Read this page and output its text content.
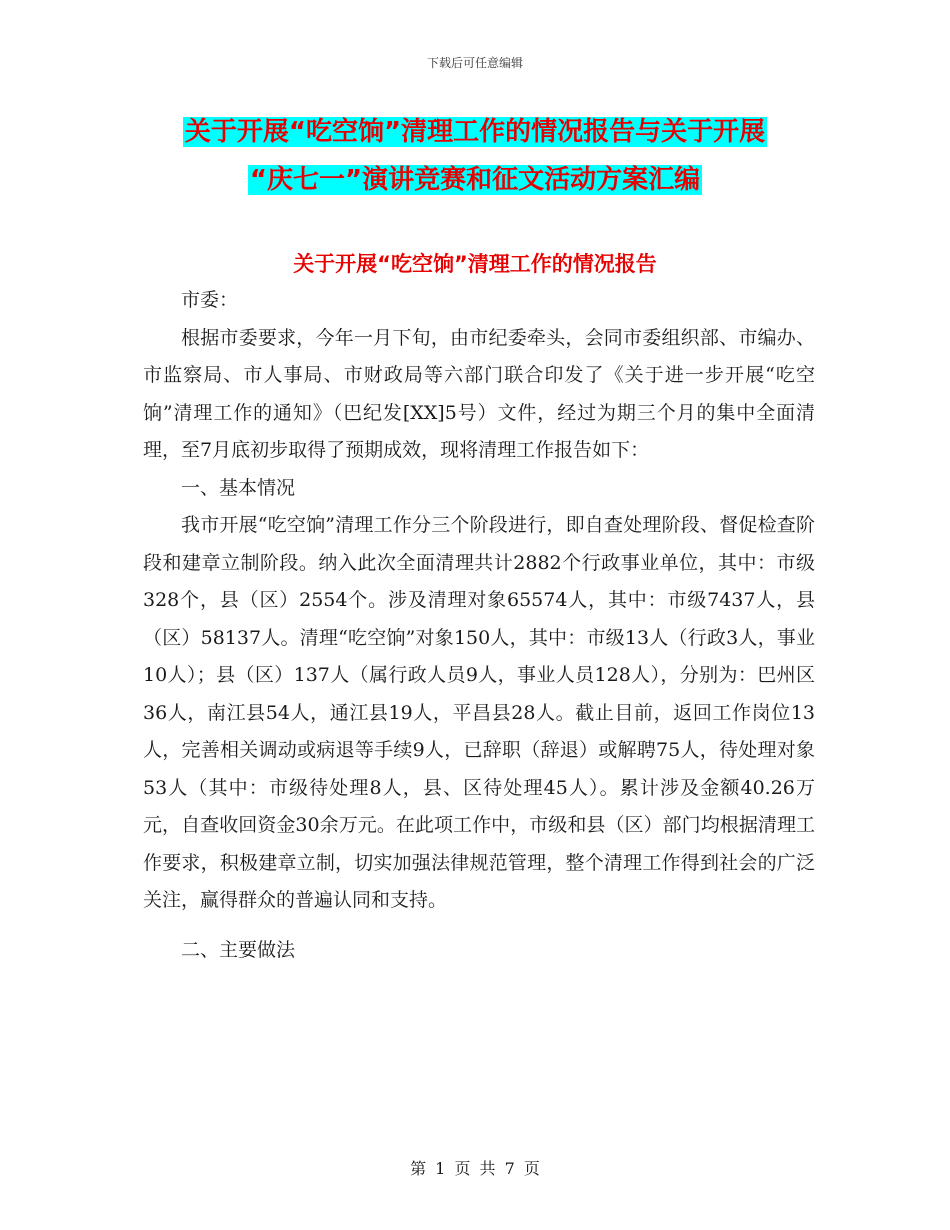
下载后可任意编辑
关于开展“吃空饷”清理工作的情况报告与关于开展
“庆七一”演讲竞赛和征文活动方案汇编
关于开展“吃空饷”清理工作的情况报告

市委：

根据市委要求，今年一月下旬，由市纪委牵头，会同市委组织部、市编办、市监察局、市人事局、市财政局等六部门联合印发了《关于进一步开展“吃空饷”清理工作的通知》（巴纪发[XX]5号）文件，经过为期三个月的集中全面清理，至7月底初步取得了预期成效，现将清理工作报告如下：

一、基本情况

我市开展“吃空饷”清理工作分三个阶段进行，即自查处理阶段、督促检查阶段和建章立制阶段。纳入此次全面清理共计2882个行政事业单位，其中：市级328个，县（区）2554个。涉及清理对象65574人，其中：市级7437人，县（区）58137人。清理“吃空饷”对象150人，其中：市级13人（行政3人，事业10人）；县（区）137人（属行政人员9人，事业人员128人），分别为：巴州区36人，南江县54人，通江县19人，平昌县28人。截止目前，返回工作岗位13人，完善相关调动或病退等手续9人，已辞职（辞退）或解聘75人，待处理对象53人（其中：市级待处理8人，县、区待处理45人）。累计涉及金额40.26万元，自查收回资金30余万元。在此项工作中，市级和县（区）部门均根据清理工作要求，积极建章立制，切实加强法律规范管理，整个清理工作得到社会的广泛关注，赢得群众的普遍认同和支持。

二、主要做法

第 1 页 共 7 页
